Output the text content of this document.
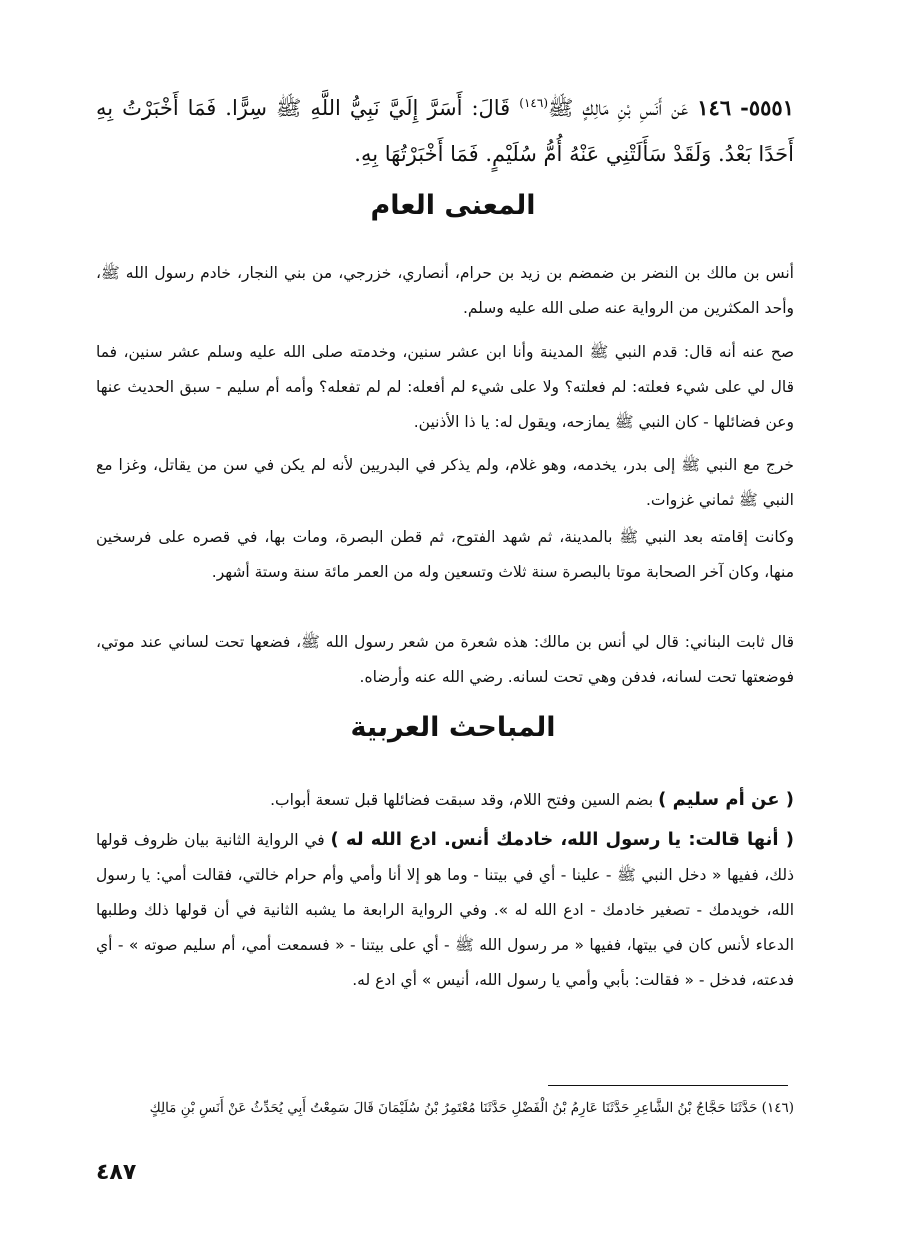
٥٥٥١- ١٤٦ عَن أَنَسِ بْنِ مَالِكٍ ﷺ$^{(١٤٦)}$ قَالَ: أَسَرَّ إِلَيَّ نَبِيُّ اللَّهِ ﷺ سِرًّا. فَمَا أَخْبَرْتُ بِهِ أَحَدًا بَعْدُ. وَلَقَدْ سَأَلَتْنِي عَنْهُ أُمُّ سُلَيْمٍ. فَمَا أَخْبَرْتُهَا بِهِ.
المعنى العام
أنس بن مالك بن النضر بن ضمضم بن زيد بن حرام، أنصاري، خزرجي، من بني النجار، خادم رسول الله ﷺ، وأحد المكثرين من الرواية عنه صلى الله عليه وسلم.
صح عنه أنه قال: قدم النبي ﷺ المدينة وأنا ابن عشر سنين، وخدمته صلى الله عليه وسلم عشر سنين، فما قال لي على شيء فعلته: لم فعلته؟ ولا على شيء لم أفعله: لم لم تفعله؟ وأمه أم سليم - سبق الحديث عنها وعن فضائلها - كان النبي ﷺ يمازحه، ويقول له: يا ذا الأذنين.
خرج مع النبي ﷺ إلى بدر، يخدمه، وهو غلام، ولم يذكر في البدريين لأنه لم يكن في سن من يقاتل، وغزا مع النبي ﷺ ثماني غزوات.
وكانت إقامته بعد النبي ﷺ بالمدينة، ثم شهد الفتوح، ثم قطن البصرة، ومات بها، في قصره على فرسخين منها، وكان آخر الصحابة موتا بالبصرة سنة ثلاث وتسعين وله من العمر مائة سنة وستة أشهر.
قال ثابت البناني: قال لي أنس بن مالك: هذه شعرة من شعر رسول الله ﷺ، فضعها تحت لساني عند موتي، فوضعتها تحت لسانه، فدفن وهي تحت لسانه. رضي الله عنه وأرضاه.
المباحث العربية
( عن أم سليم ) بضم السين وفتح اللام، وقد سبقت فضائلها قبل تسعة أبواب.
( أنها قالت: يا رسول الله، خادمك أنس. ادع الله له ) في الرواية الثانية بيان ظروف قولها ذلك، ففيها « دخل النبي ﷺ - علينا - أي في بيتنا - وما هو إلا أنا وأمي وأم حرام خالتي، فقالت أمي: يا رسول الله، خويدمك - تصغير خادمك - ادع الله له ». وفي الرواية الرابعة ما يشبه الثانية في أن قولها ذلك وطلبها الدعاء لأنس كان في بيتها، ففيها « مر رسول الله ﷺ - أي على بيتنا - « فسمعت أمي، أم سليم صوته » - أي فدعته، فدخل - « فقالت: بأبي وأمي يا رسول الله، أنيس » أي ادع له.
(١٤٦) حَدَّثَنَا حَجَّاجُ بْنُ الشَّاعِرِ حَدَّثَنَا عَارِمُ بْنُ الْفَضْلِ حَدَّثَنَا مُعْتَمِرُ بْنُ سُلَيْمَانَ قَالَ سَمِعْتُ أَبِي يُحَدِّثُ عَنْ أَنَسِ بْنِ مَالِكٍ
٤٨٧
